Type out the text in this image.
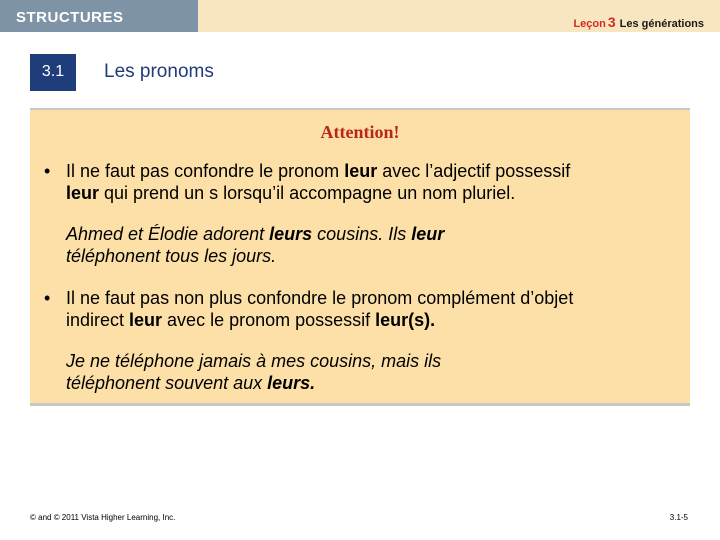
STRUCTURES	Leçon 3 Les générations
3.1	Les pronoms
Attention!
• Il ne faut pas confondre le pronom leur avec l’adjectif possessif
leur qui prend un s lorsqu’il accompagne un nom pluriel.
Ahmed et Élodie adorent leurs cousins. Ils leur
téléphonent tous les jours.
• Il ne faut pas non plus confondre le pronom complément d’objet
indirect leur avec le pronom possessif leur(s).
Je ne téléphone jamais à mes cousins, mais ils
téléphonent souvent aux leurs.
© and © 2011 Vista Higher Learning, Inc.	3.1-5
